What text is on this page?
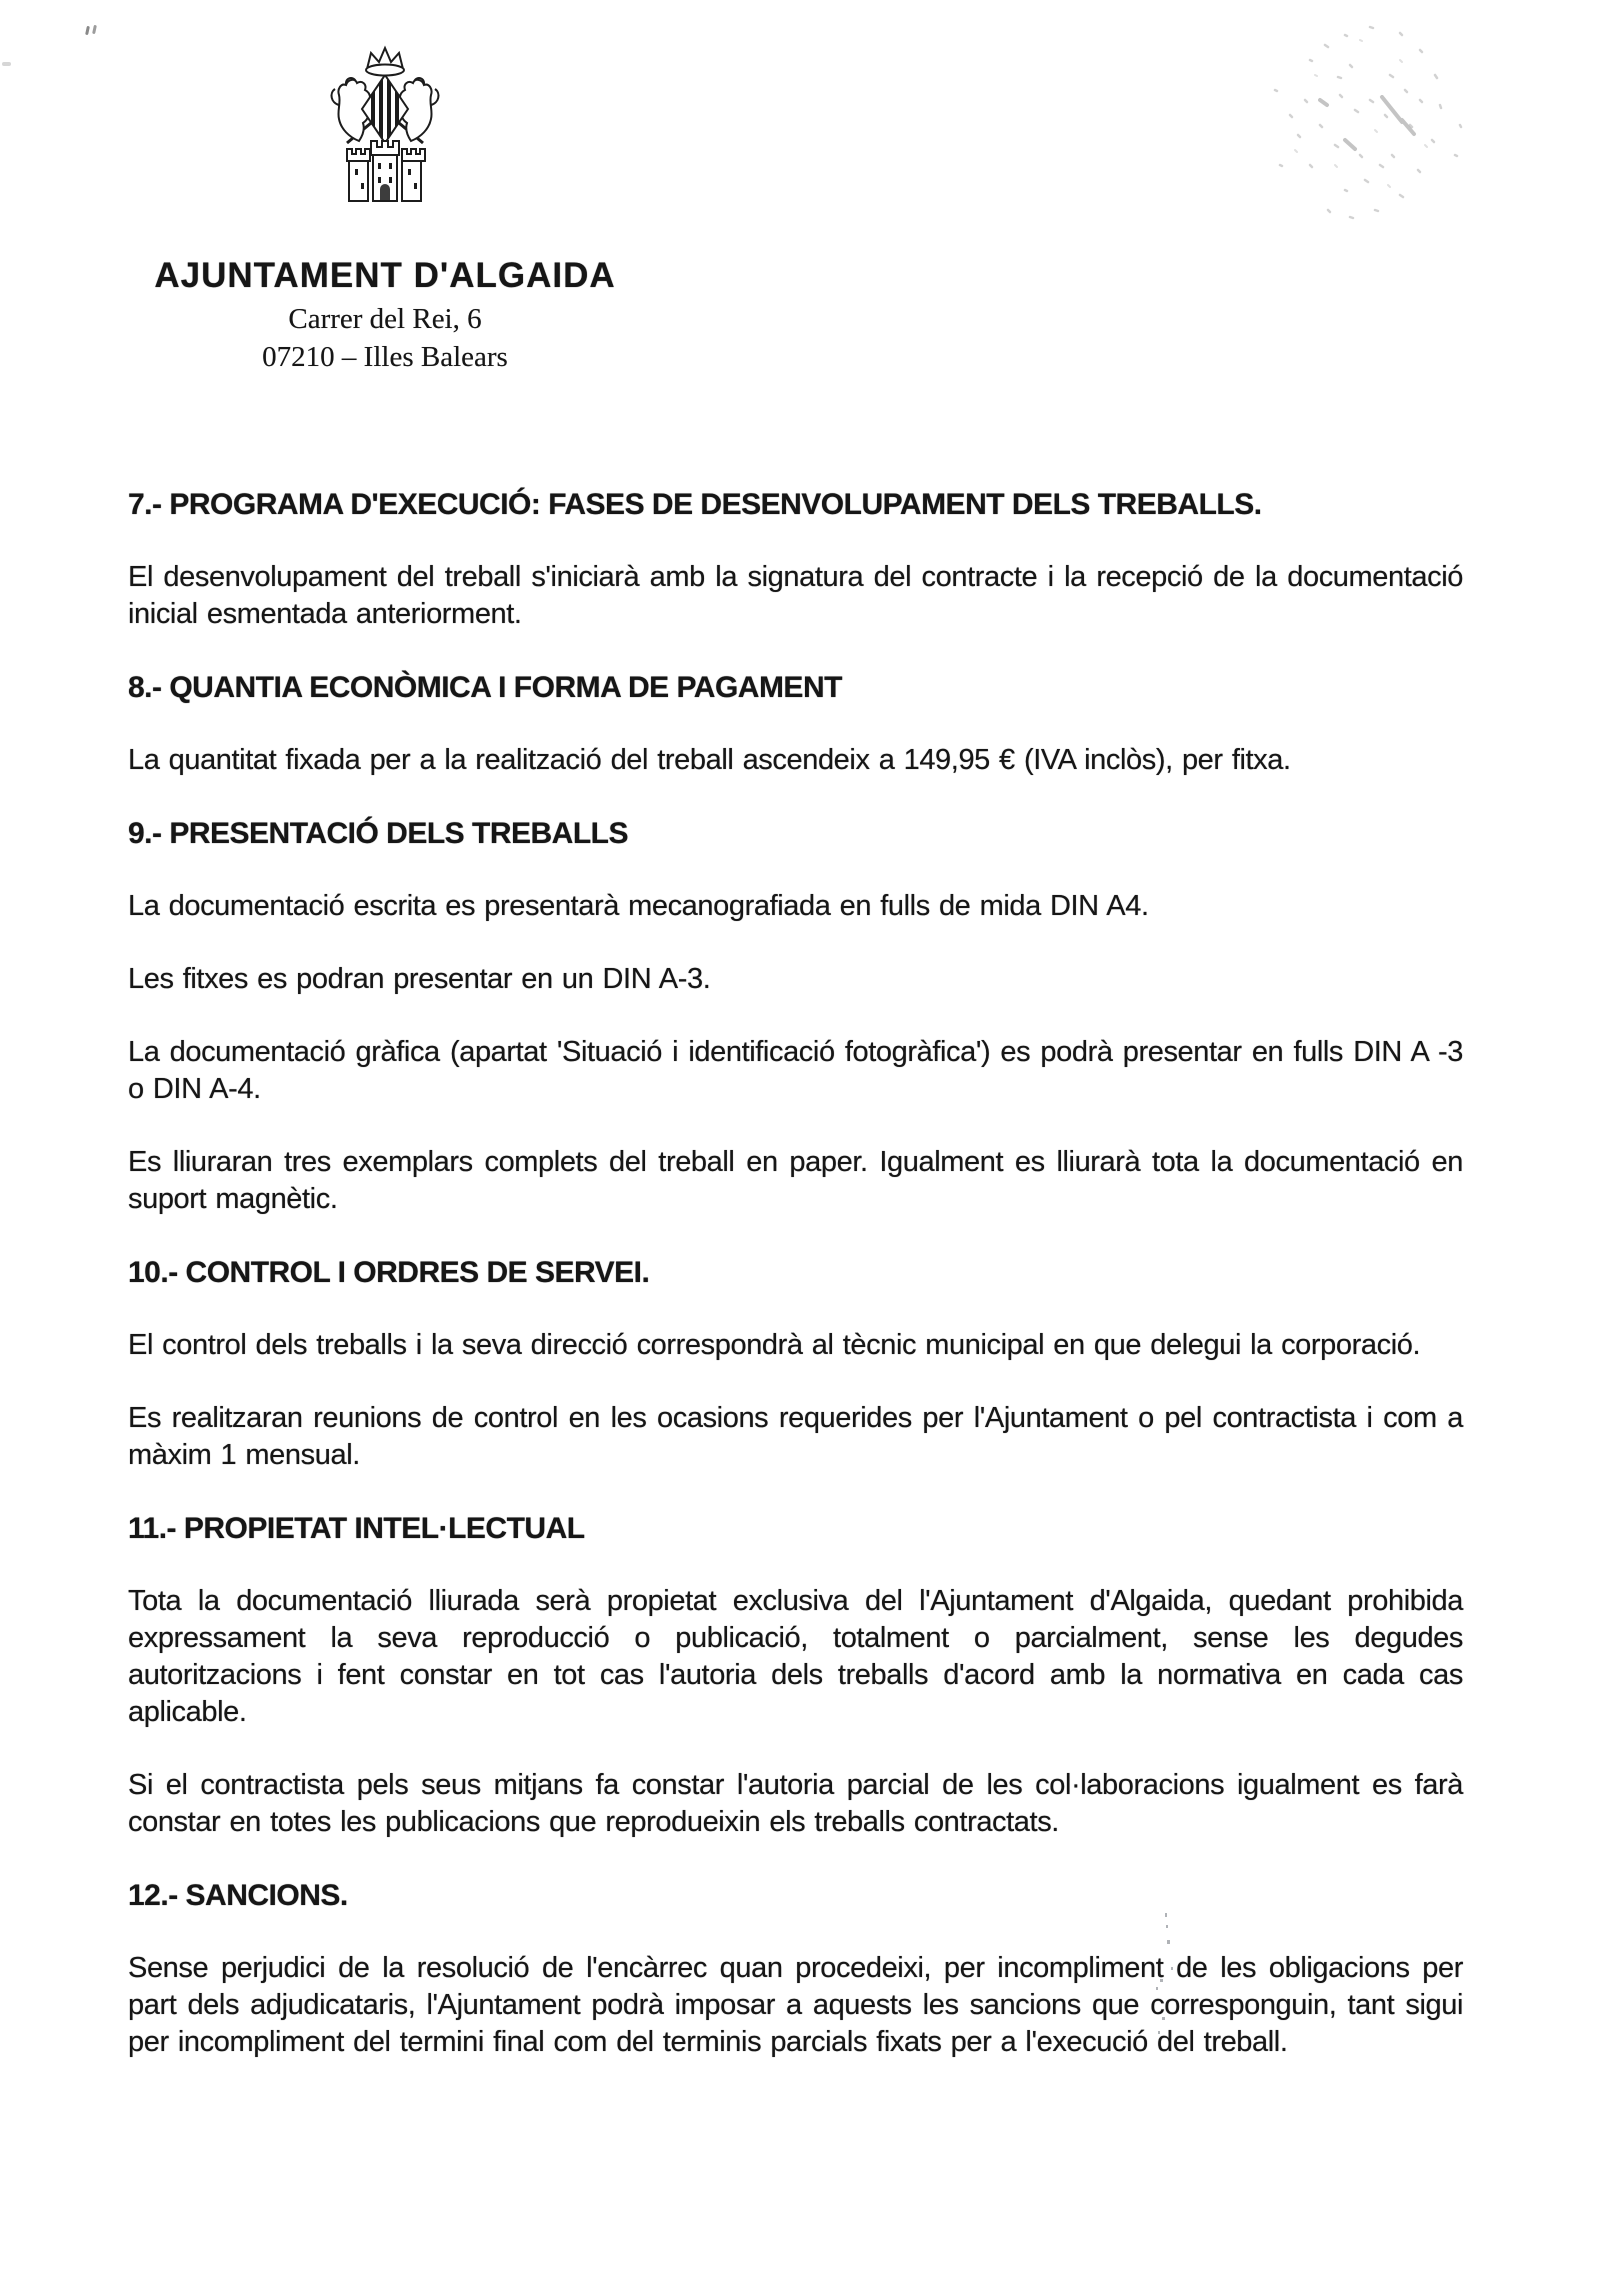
AJUNTAMENT D'ALGAIDA
Carrer del Rei, 6
07210 – Illes Balears
7.- PROGRAMA D'EXECUCIÓ: FASES DE DESENVOLUPAMENT DELS TREBALLS.

El desenvolupament del treball s'iniciarà amb la signatura del contracte i la recepció de la documentació inicial esmentada anteriorment.

8.- QUANTIA ECONÒMICA I FORMA DE PAGAMENT

La quantitat fixada per a la realització del treball ascendeix a 149,95 € (IVA inclòs), per fitxa.

9.- PRESENTACIÓ DELS TREBALLS

La documentació escrita es presentarà mecanografiada en fulls de mida DIN A4.

Les fitxes es podran presentar en un DIN A-3.

La documentació gràfica (apartat 'Situació i identificació fotogràfica') es podrà presentar en fulls DIN A -3 o DIN A-4.

Es lliuraran tres exemplars complets del treball en paper. Igualment es lliurarà tota la documentació en suport magnètic.

10.- CONTROL I ORDRES DE SERVEI.

El control dels treballs i la seva direcció correspondrà al tècnic municipal en que delegui la corporació.

Es realitzaran reunions de control en les ocasions requerides per l'Ajuntament o pel contractista i com a màxim 1 mensual.

11.- PROPIETAT INTEL·LECTUAL

Tota la documentació lliurada serà propietat exclusiva del l'Ajuntament d'Algaida, quedant prohibida expressament la seva reproducció o publicació, totalment o parcialment, sense les degudes autoritzacions i fent constar en tot cas l'autoria dels treballs d'acord amb la normativa en cada cas aplicable.

Si el contractista pels seus mitjans fa constar l'autoria parcial de les col·laboracions igualment es farà constar en totes les publicacions que reprodueixin els treballs contractats.

12.- SANCIONS.

Sense perjudici de la resolució de l'encàrrec quan procedeixi, per incompliment de les obligacions per part dels adjudicataris, l'Ajuntament podrà imposar a aquests les sancions que corresponguin, tant sigui per incompliment del termini final com del terminis parcials fixats per a l'execució del treball.
